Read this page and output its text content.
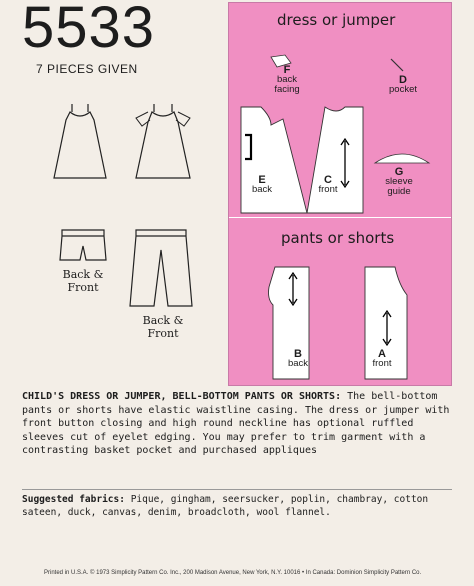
5533
7 PIECES GIVEN
Back & Front
Back & Front
dress or jumper
F
back facing
D
pocket
E
back
C
front
G
sleeve guide
pants or shorts
B
back
A
front
CHILD'S DRESS OR JUMPER, BELL-BOTTOM PANTS OR SHORTS: The bell-bottom pants or shorts have elastic waistline casing. The dress or jumper with front button closing and high round neckline has optional ruffled sleeves cut of eyelet edging. You may prefer to trim garment with a contrasting basket pocket and purchased appliques
Suggested fabrics: Pique, gingham, seersucker, poplin, chambray, cotton sateen, duck, canvas, denim, broadcloth, wool flannel.
Printed in U.S.A. © 1973 Simplicity Pattern Co. Inc., 200 Madison Avenue, New York, N.Y. 10016 • In Canada: Dominion Simplicity Pattern Co.
